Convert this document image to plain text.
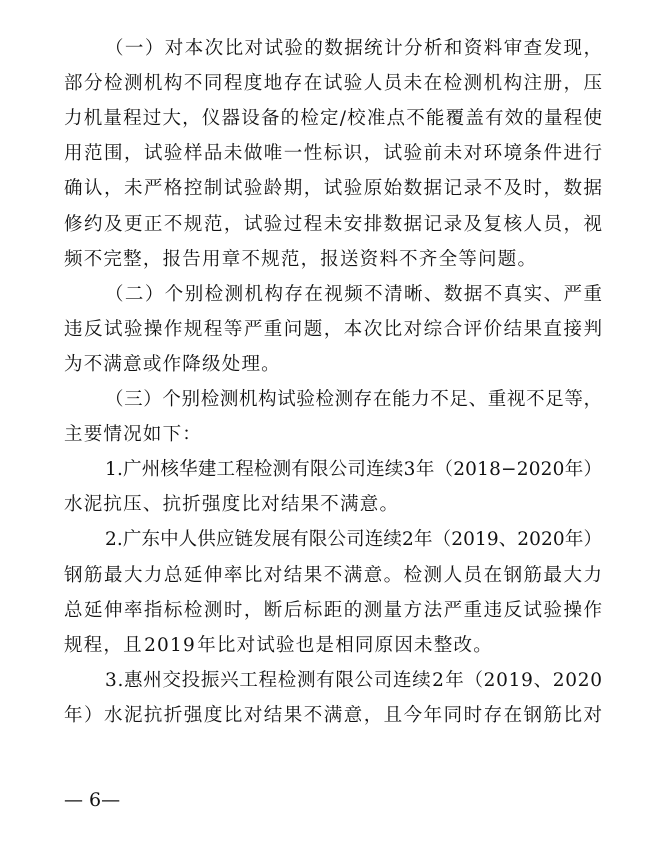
（ 一 ） 对 本 次 比 对 试 验 的 数 据 统 计 分 析 和 资 料 审 查 发 现 ，
部 分 检 测 机 构 不 同 程 度 地 存 在 试 验 人 员 未 在 检 测 机 构 注 册 ， 压
力 机 量 程 过 大 ， 仪 器 设 备 的 检 定 / 校 准 点 不 能 覆 盖 有 效 的 量 程 使
用 范 围 ， 试 验 样 品 未 做 唯 一 性 标 识 ， 试 验 前 未 对 环 境 条 件 进 行
确 认 ， 未 严 格 控 制 试 验 龄 期 ， 试 验 原 始 数 据 记 录 不 及 时 ， 数 据
修 约 及 更 正 不 规 范 ， 试 验 过 程 未 安 排 数 据 记 录 及 复 核 人 员 ， 视
频 不 完 整 ， 报 告 用 章 不 规 范 ， 报 送 资 料 不 齐 全 等 问 题 。
（ 二 ） 个 别 检 测 机 构 存 在 视 频 不 清 晰 、 数 据 不 真 实 、 严 重
违 反 试 验 操 作 规 程 等 严 重 问 题 ， 本 次 比 对 综 合 评 价 结 果 直 接 判
为 不 满 意 或 作 降 级 处 理 。
（ 三 ） 个 别 检 测 机 构 试 验 检 测 存 在 能 力 不 足 、 重 视 不 足 等 ，
主 要 情 况 如 下 ：
1 . 广 州 核 华 建 工 程 检 测 有 限 公 司 连 续 3 年 （ 2 0 1 8 − 2 0 2 0 年 ）
水 泥 抗 压 、 抗 折 强 度 比 对 结 果 不 满 意 。
2 . 广 东 中 人 供 应 链 发 展 有 限 公 司 连 续 2 年 （ 2 0 1 9 、 2 0 2 0 年 ）
钢 筋 最 大 力 总 延 伸 率 比 对 结 果 不 满 意 。 检 测 人 员 在 钢 筋 最 大 力
总 延 伸 率 指 标 检 测 时 ， 断 后 标 距 的 测 量 方 法 严 重 违 反 试 验 操 作
规 程 ， 且 2 0 1 9 年 比 对 试 验 也 是 相 同 原 因 未 整 改 。
3 . 惠 州 交 投 振 兴 工 程 检 测 有 限 公 司 连 续 2 年 （ 2 0 1 9 、 2 0 2 0
年 ） 水 泥 抗 折 强 度 比 对 结 果 不 满 意 ， 且 今 年 同 时 存 在 钢 筋 比 对
— 6—
